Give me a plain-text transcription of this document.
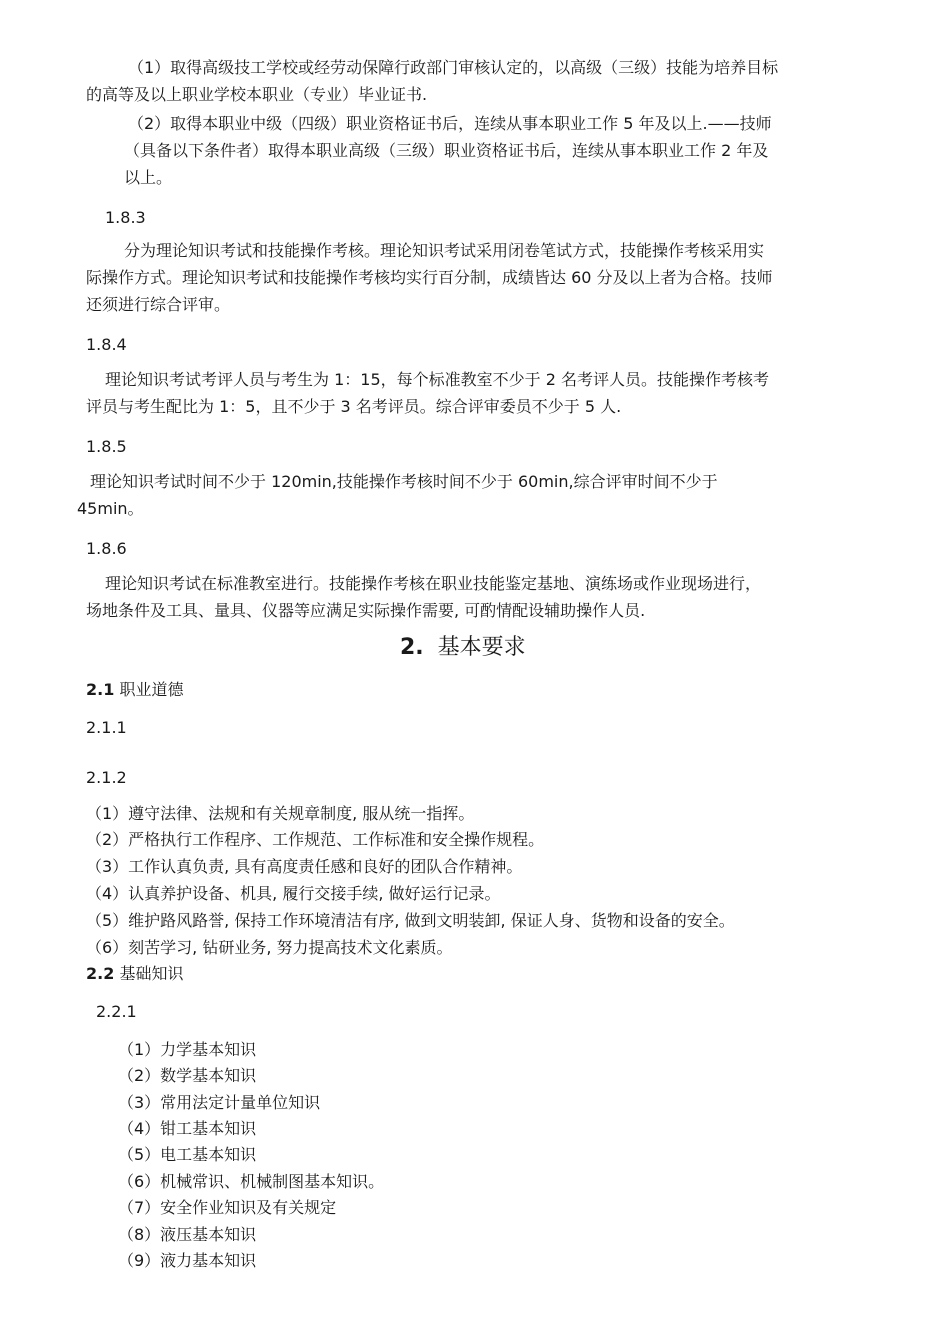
（1）取得高级技工学校或经劳动保障行政部门审核认定的，以高级（三级）技能为培养目标
的高等及以上职业学校本职业（专业）毕业证书.
（2）取得本职业中级（四级）职业资格证书后，连续从事本职业工作 5 年及以上.——技师
（具备以下条件者）取得本职业高级（三级）职业资格证书后，连续从事本职业工作 2 年及
以上。
1.8.3
分为理论知识考试和技能操作考核。理论知识考试采用闭卷笔试方式，技能操作考核采用实
际操作方式。理论知识考试和技能操作考核均实行百分制，成绩皆达 60 分及以上者为合格。技师
还须进行综合评审。
1.8.4
理论知识考试考评人员与考生为 1：15，每个标准教室不少于 2 名考评人员。技能操作考核考
评员与考生配比为 1：5，且不少于 3 名考评员。综合评审委员不少于 5 人.
1.8.5
理论知识考试时间不少于 120min,技能操作考核时间不少于 60min,综合评审时间不少于
45min。
1.8.6
理论知识考试在标准教室进行。技能操作考核在职业技能鉴定基地、演练场或作业现场进行，
场地条件及工具、量具、仪器等应满足实际操作需要, 可酌情配设辅助操作人员.
2. 基本要求
2.1 职业道德
2.1.1
2.1.2
（1）遵守法律、法规和有关规章制度, 服从统一指挥。
（2）严格执行工作程序、工作规范、工作标准和安全操作规程。
（3）工作认真负责, 具有高度责任感和良好的团队合作精神。
（4）认真养护设备、机具, 履行交接手续, 做好运行记录。
（5）维护路风路誉, 保持工作环境清洁有序, 做到文明装卸, 保证人身、货物和设备的安全。
（6）刻苦学习, 钻研业务, 努力提高技术文化素质。
2.2 基础知识
2.2.1
（1）力学基本知识
（2）数学基本知识
（3）常用法定计量单位知识
（4）钳工基本知识
（5）电工基本知识
（6）机械常识、机械制图基本知识。
（7）安全作业知识及有关规定
（8）液压基本知识
（9）液力基本知识
